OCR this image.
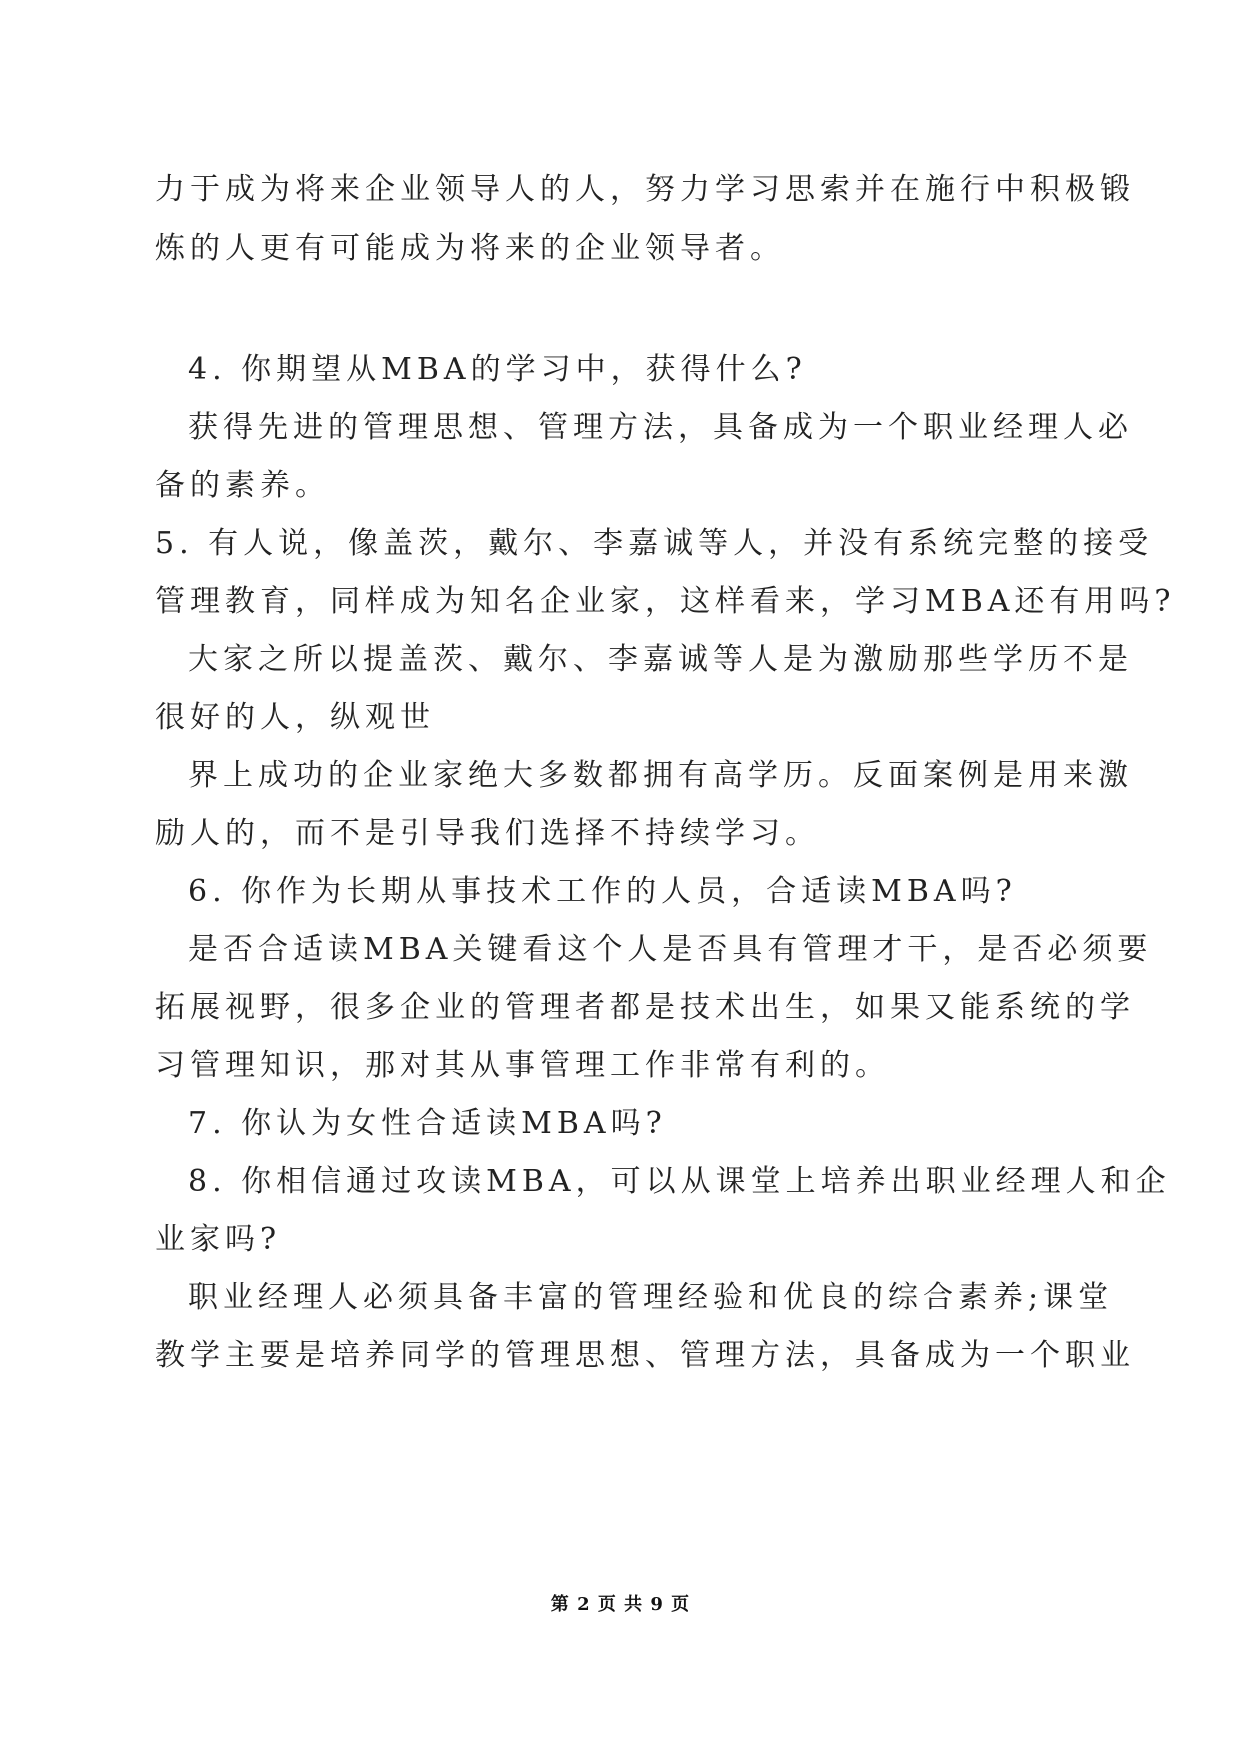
力于成为将来企业领导人的人，努力学习思索并在施行中积极锻
炼的人更有可能成为将来的企业领导者。
4. 你期望从MBA的学习中，获得什么?
获得先进的管理思想、管理方法，具备成为一个职业经理人必
备的素养。
5. 有人说，像盖茨，戴尔、李嘉诚等人，并没有系统完整的接受
管理教育，同样成为知名企业家，这样看来，学习MBA还有用吗?
大家之所以提盖茨、戴尔、李嘉诚等人是为激励那些学历不是
很好的人，纵观世
界上成功的企业家绝大多数都拥有高学历。反面案例是用来激
励人的，而不是引导我们选择不持续学习。
6. 你作为长期从事技术工作的人员，合适读MBA吗?
是否合适读MBA关键看这个人是否具有管理才干，是否必须要
拓展视野，很多企业的管理者都是技术出生，如果又能系统的学
习管理知识，那对其从事管理工作非常有利的。
7. 你认为女性合适读MBA吗?
8. 你相信通过攻读MBA，可以从课堂上培养出职业经理人和企
业家吗?
职业经理人必须具备丰富的管理经验和优良的综合素养;课堂
教学主要是培养同学的管理思想、管理方法，具备成为一个职业
第 2 页 共 9 页
